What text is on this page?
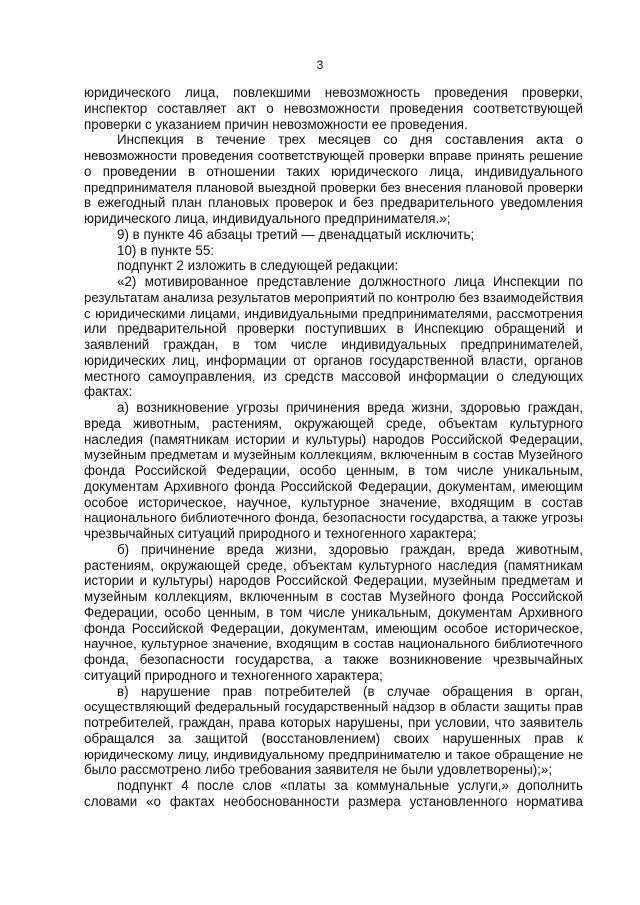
3
юридического лица, повлекшими невозможность проведения проверки,
инспектор составляет акт о невозможности проведения соответствующей
проверки с указанием причин невозможности ее проведения.
Инспекция в течение трех месяцев со дня составления акта о
невозможности проведения соответствующей проверки вправе принять решение
о проведении в отношении таких юридического лица, индивидуального
предпринимателя плановой выездной проверки без внесения плановой проверки
в ежегодный план плановых проверок и без предварительного уведомления
юридического лица, индивидуального предпринимателя.»;
9) в пункте 46 абзацы третий — двенадцатый исключить;
10) в пункте 55:
подпункт 2 изложить в следующей редакции:
«2) мотивированное представление должностного лица Инспекции по
результатам анализа результатов мероприятий по контролю без взаимодействия
с юридическими лицами, индивидуальными предпринимателями, рассмотрения
или предварительной проверки поступивших в Инспекцию обращений и
заявлений граждан, в том числе индивидуальных предпринимателей,
юридических лиц, информации от органов государственной власти, органов
местного самоуправления, из средств массовой информации о следующих
фактах:
а) возникновение угрозы причинения вреда жизни, здоровью граждан,
вреда животным, растениям, окружающей среде, объектам культурного
наследия (памятникам истории и культуры) народов Российской Федерации,
музейным предметам и музейным коллекциям, включенным в состав Музейного
фонда Российской Федерации, особо ценным, в том числе уникальным,
документам Архивного фонда Российской Федерации, документам, имеющим
особое историческое, научное, культурное значение, входящим в состав
национального библиотечного фонда, безопасности государства, а также угрозы
чрезвычайных ситуаций природного и техногенного характера;
б) причинение вреда жизни, здоровью граждан, вреда животным,
растениям, окружающей среде, объектам культурного наследия (памятникам
истории и культуры) народов Российской Федерации, музейным предметам и
музейным коллекциям, включенным в состав Музейного фонда Российской
Федерации, особо ценным, в том числе уникальным, документам Архивного
фонда Российской Федерации, документам, имеющим особое историческое,
научное, культурное значение, входящим в состав национального библиотечного
фонда, безопасности государства, а также возникновение чрезвычайных
ситуаций природного и техногенного характера;
в) нарушение прав потребителей (в случае обращения в орган,
осуществляющий федеральный государственный надзор в области защиты прав
потребителей, граждан, права которых нарушены, при условии, что заявитель
обращался за защитой (восстановлением) своих нарушенных прав к
юридическому лицу, индивидуальному предпринимателю и такое обращение не
было рассмотрено либо требования заявителя не были удовлетворены);»;
подпункт 4 после слов «платы за коммунальные услуги,» дополнить
словами «о фактах необоснованности размера установленного норматива
